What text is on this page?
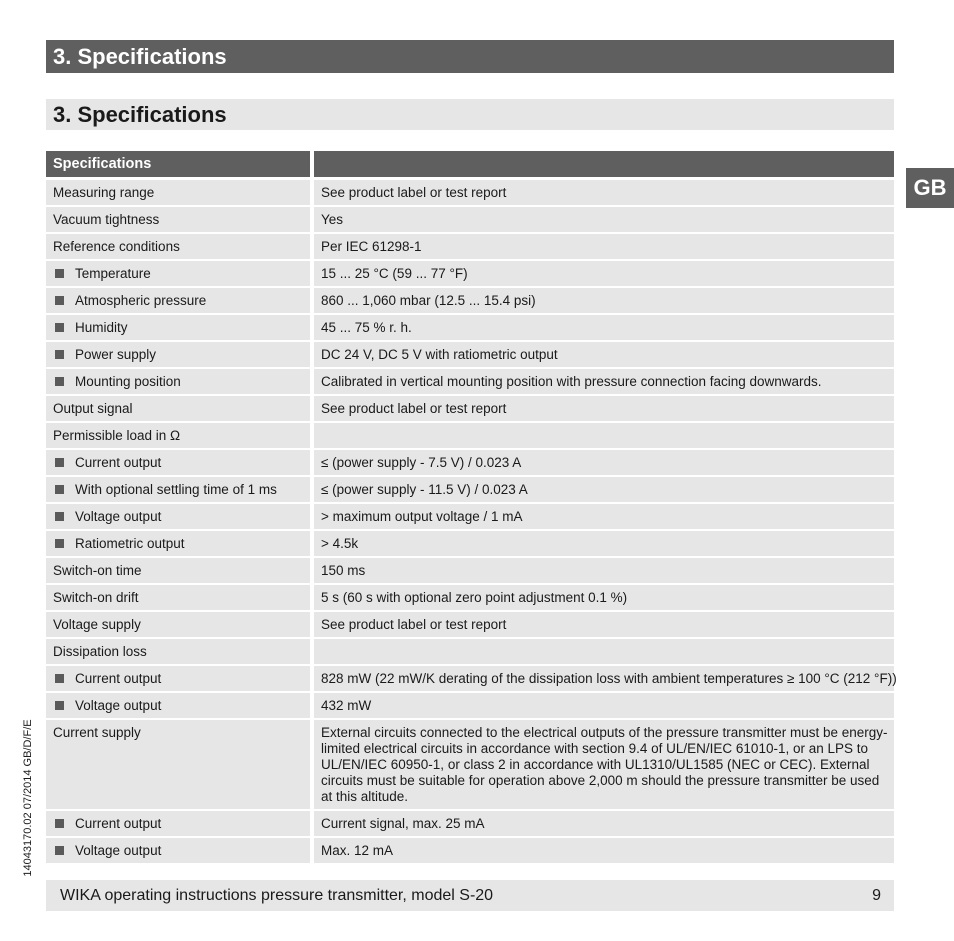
3. Specifications
3. Specifications
GB
14043170.02 07/2014 GB/D/F/E
Specifications
Measuring range	See product label or test report
Vacuum tightness	Yes
Reference conditions	Per IEC 61298-1
Temperature	15 ... 25 °C (59 ... 77 °F)
Atmospheric pressure	860 ... 1,060 mbar (12.5 ... 15.4 psi)
Humidity	45 ... 75 % r. h.
Power supply	DC 24 V, DC 5 V with ratiometric output
Mounting position	Calibrated in vertical mounting position with pressure connection facing downwards.
Output signal	See product label or test report
Permissible load in Ω
Current output	≤ (power supply - 7.5 V) / 0.023 A
With optional settling time of 1 ms	≤ (power supply - 11.5 V) / 0.023 A
Voltage output	> maximum output voltage / 1 mA
Ratiometric output	> 4.5k
Switch-on time	150 ms
Switch-on drift	5 s (60 s with optional zero point adjustment 0.1 %)
Voltage supply	See product label or test report
Dissipation loss
Current output	828 mW (22 mW/K derating of the dissipation loss with ambient temperatures ≥ 100 °C (212 °F))
Voltage output	432 mW
Current supply	External circuits connected to the electrical outputs of the pressure transmitter must be energy-limited electrical circuits in accordance with section 9.4 of UL/EN/IEC 61010-1, or an LPS to UL/EN/IEC 60950-1, or class 2 in accordance with UL1310/UL1585 (NEC or CEC). External circuits must be suitable for operation above 2,000 m should the pressure transmitter be used at this altitude.
Current output	Current signal, max. 25 mA
Voltage output	Max. 12 mA
WIKA operating instructions pressure transmitter, model S-20	9
